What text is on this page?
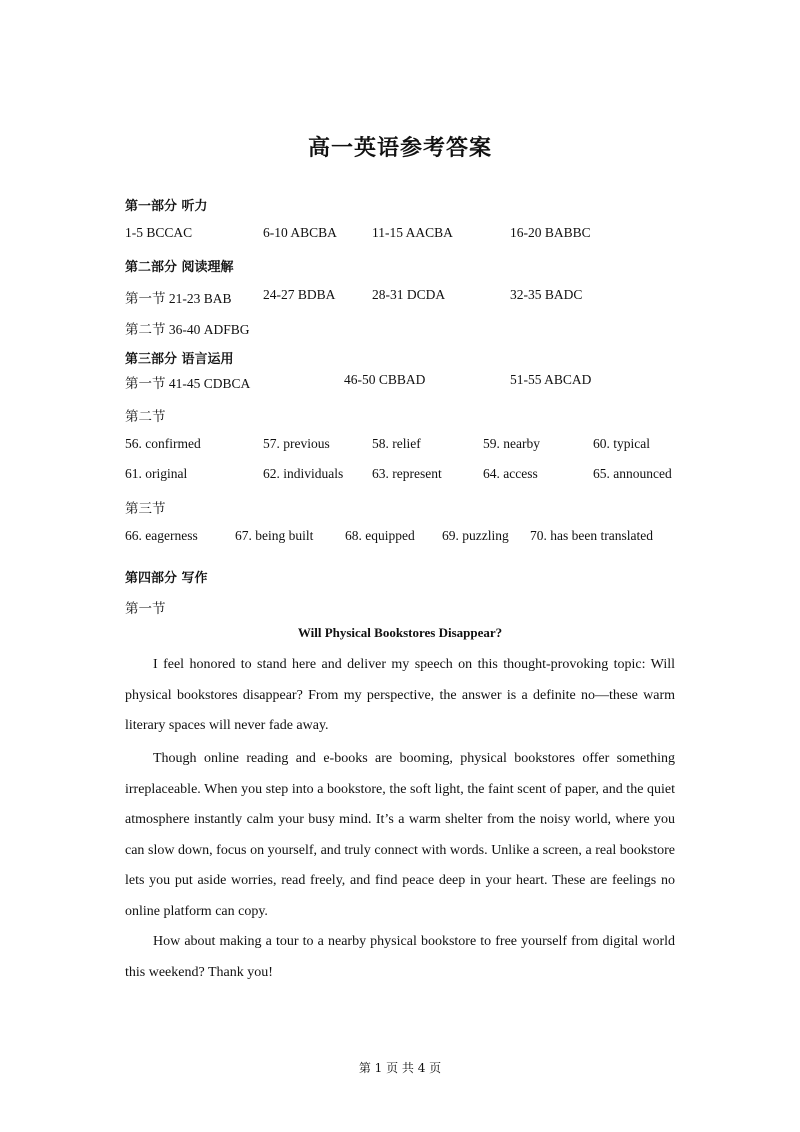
高一英语参考答案
第一部分 听力
1-5 BCCAC	6-10 ABCBA	11-15 AACBA	16-20 BABBC
第二部分 阅读理解
第一节 21-23 BAB 24-27 BDBA	28-31 DCDA	32-35 BADC
第二节 36-40 ADFBG
第三部分 语言运用
第一节 41-45 CDBCA	46-50 CBBAD	51-55 ABCAD
第二节
56. confirmed	57. previous	58. relief	59. nearby	60. typical
61. original	62. individuals 63. represent	64. access	65. announced
第三节
66. eagerness	67. being built 68. equipped 69. puzzling 70. has been translated
第四部分 写作
第一节
Will Physical Bookstores Disappear?

I feel honored to stand here and deliver my speech on this thought-provoking topic: Will physical bookstores disappear? From my perspective, the answer is a definite no—these warm literary spaces will never fade away.

Though online reading and e-books are booming, physical bookstores offer something irreplaceable. When you step into a bookstore, the soft light, the faint scent of paper, and the quiet atmosphere instantly calm your busy mind. It’s a warm shelter from the noisy world, where you can slow down, focus on yourself, and truly connect with words. Unlike a screen, a real bookstore lets you put aside worries, read freely, and find peace deep in your heart. These are feelings no online platform can copy.

How about making a tour to a nearby physical bookstore to free yourself from digital world this weekend? Thank you!

第 1 页 共 4 页
